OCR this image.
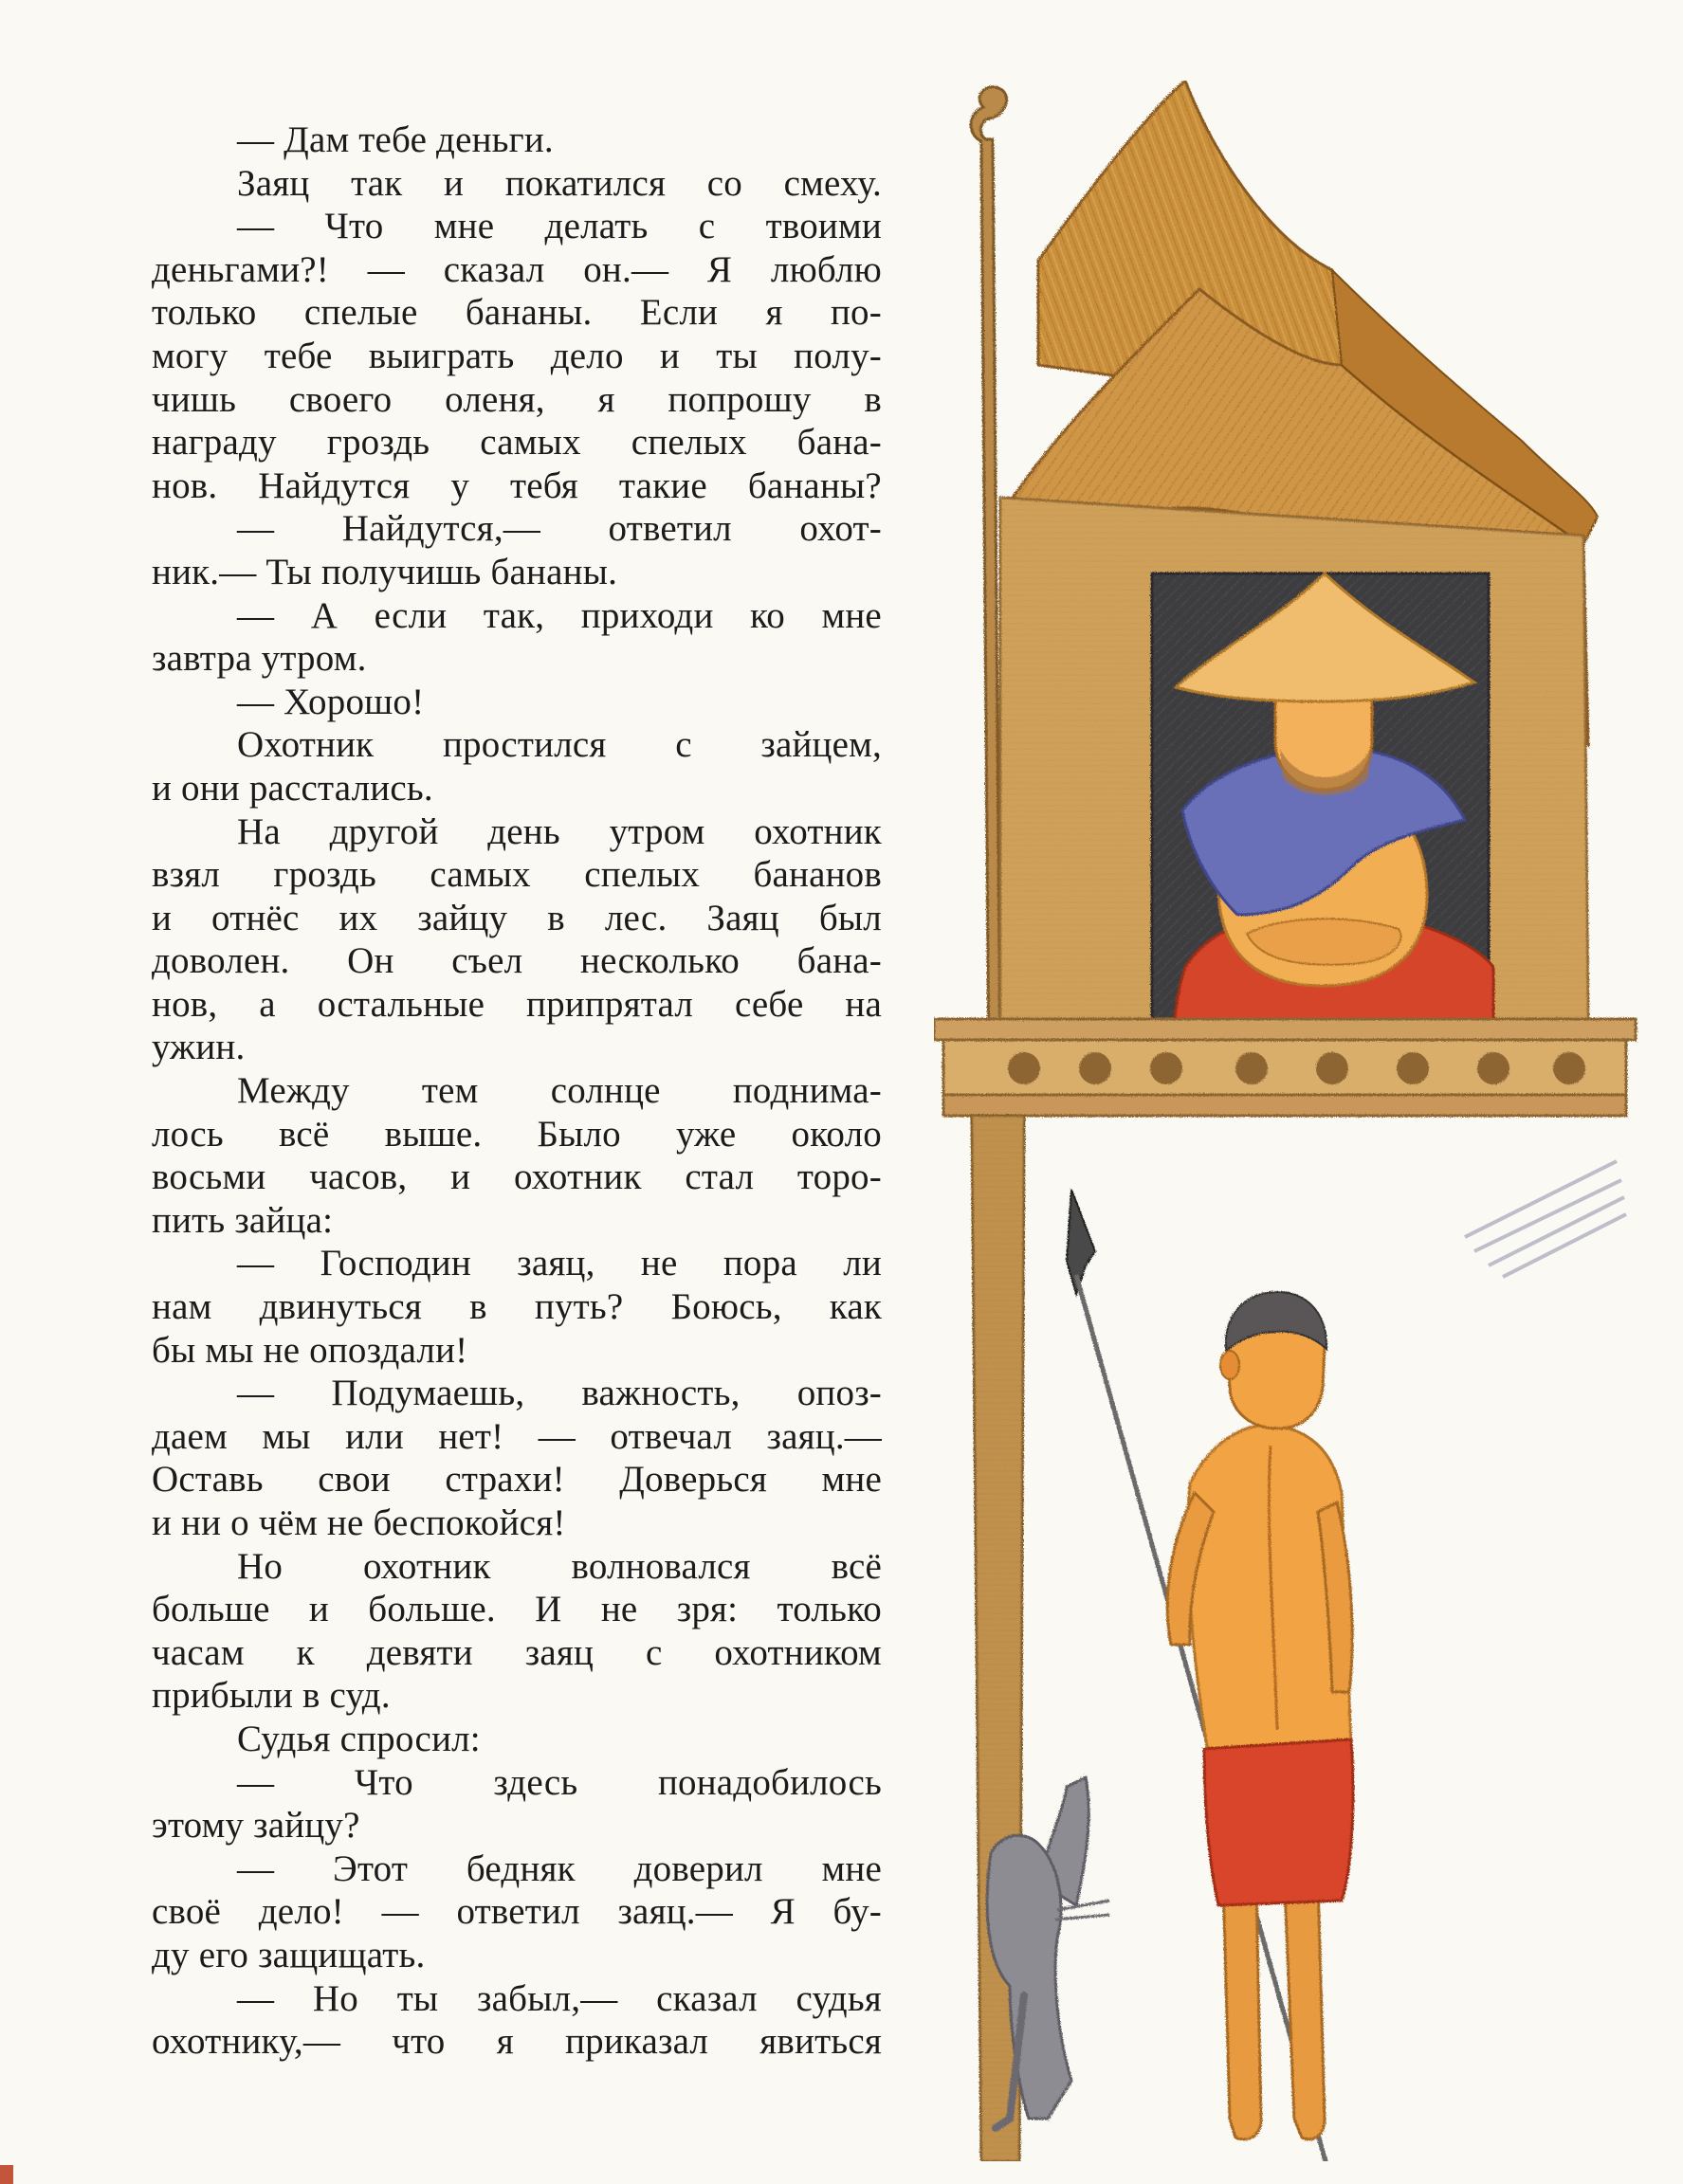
— Дам тебе деньги.
Заяц так и покатился со смеху.
— Что мне делать с твоими
деньгами?! — сказал он.— Я люблю
только спелые бананы. Если я по-
могу тебе выиграть дело и ты полу-
чишь своего оленя, я попрошу в
награду гроздь самых спелых бана-
нов. Найдутся у тебя такие бананы?
— Найдутся,— ответил охот-
ник.— Ты получишь бананы.
— А если так, приходи ко мне
завтра утром.
— Хорошо!
Охотник простился с зайцем,
и они расстались.
На другой день утром охотник
взял гроздь самых спелых бананов
и отнёс их зайцу в лес. Заяц был
доволен. Он съел несколько бана-
нов, а остальные припрятал себе на
ужин.
Между тем солнце поднима-
лось всё выше. Было уже около
восьми часов, и охотник стал торо-
пить зайца:
— Господин заяц, не пора ли
нам двинуться в путь? Боюсь, как
бы мы не опоздали!
— Подумаешь, важность, опоз-
даем мы или нет! — отвечал заяц.—
Оставь свои страхи! Доверься мне
и ни о чём не беспокойся!
Но охотник волновался всё
больше и больше. И не зря: только
часам к девяти заяц с охотником
прибыли в суд.
Судья спросил:
— Что здесь понадобилось
этому зайцу?
— Этот бедняк доверил мне
своё дело! — ответил заяц.— Я бу-
ду его защищать.
— Но ты забыл,— сказал судья
охотнику,— что я приказал явиться
